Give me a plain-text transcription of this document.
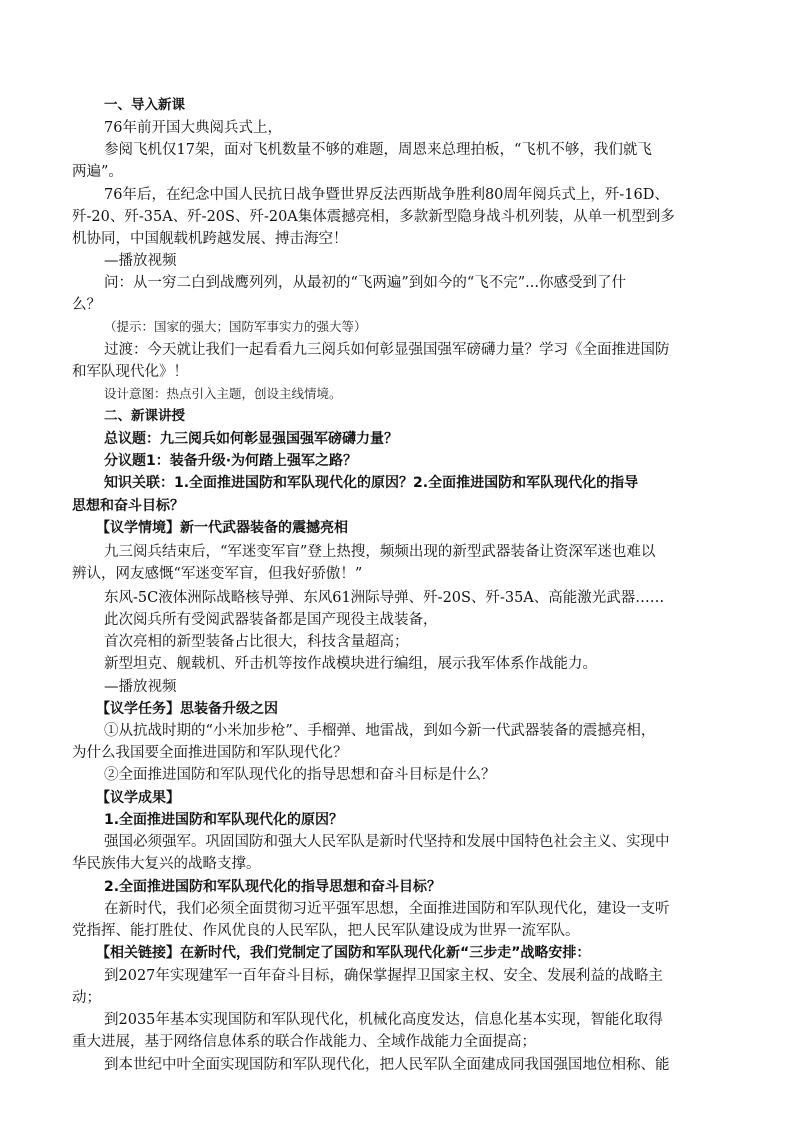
一、导入新课
76年前开国大典阅兵式上，
参阅飞机仅17架，面对飞机数量不够的难题，周恩来总理拍板，“飞机不够，我们就飞
两遍”。
76年后，在纪念中国人民抗日战争暨世界反法西斯战争胜利80周年阅兵式上，歼-16D、
歼-20、歼-35A、歼-20S、歼-20A集体震撼亮相，多款新型隐身战斗机列装，从单一机型到多
机协同，中国舰载机跨越发展、搏击海空！
—播放视频
问：从一穷二白到战鹰列列，从最初的“飞两遍”到如今的“飞不完”...你感受到了什
么？
（提示：国家的强大；国防军事实力的强大等）
过渡：今天就让我们一起看看九三阅兵如何彰显强国强军磅礴力量？学习《全面推进国防
和军队现代化》！
设计意图：热点引入主题，创设主线情境。
二、新课讲授
总议题：九三阅兵如何彰显强国强军磅礴力量？
分议题1：装备升级·为何踏上强军之路？
知识关联：1.全面推进国防和军队现代化的原因？2.全面推进国防和军队现代化的指导
思想和奋斗目标？
【议学情境】新一代武器装备的震撼亮相
九三阅兵结束后，“军迷变军盲”登上热搜，频频出现的新型武器装备让资深军迷也难以
辨认，网友感慨“军迷变军盲，但我好骄傲！”
东风-5C液体洲际战略核导弹、东风61洲际导弹、歼-20S、歼-35A、高能激光武器……
此次阅兵所有受阅武器装备都是国产现役主战装备，
首次亮相的新型装备占比很大，科技含量超高；
新型坦克、舰载机、歼击机等按作战模块进行编组，展示我军体系作战能力。
—播放视频
【议学任务】思装备升级之因
①从抗战时期的“小米加步枪”、手榴弹、地雷战，到如今新一代武器装备的震撼亮相，
为什么我国要全面推进国防和军队现代化？
②全面推进国防和军队现代化的指导思想和奋斗目标是什么？
【议学成果】
1.全面推进国防和军队现代化的原因？
强国必须强军。巩固国防和强大人民军队是新时代坚持和发展中国特色社会主义、实现中
华民族伟大复兴的战略支撑。
2.全面推进国防和军队现代化的指导思想和奋斗目标？
在新时代，我们必须全面贯彻习近平强军思想，全面推进国防和军队现代化，建设一支听
党指挥、能打胜仗、作风优良的人民军队，把人民军队建设成为世界一流军队。
【相关链接】在新时代，我们党制定了国防和军队现代化新“三步走”战略安排：
到2027年实现建军一百年奋斗目标，确保掌握捍卫国家主权、安全、发展利益的战略主
动；
到2035年基本实现国防和军队现代化，机械化高度发达，信息化基本实现，智能化取得
重大进展，基于网络信息体系的联合作战能力、全域作战能力全面提高；
到本世纪中叶全面实现国防和军队现代化，把人民军队全面建成同我国强国地位相称、能
